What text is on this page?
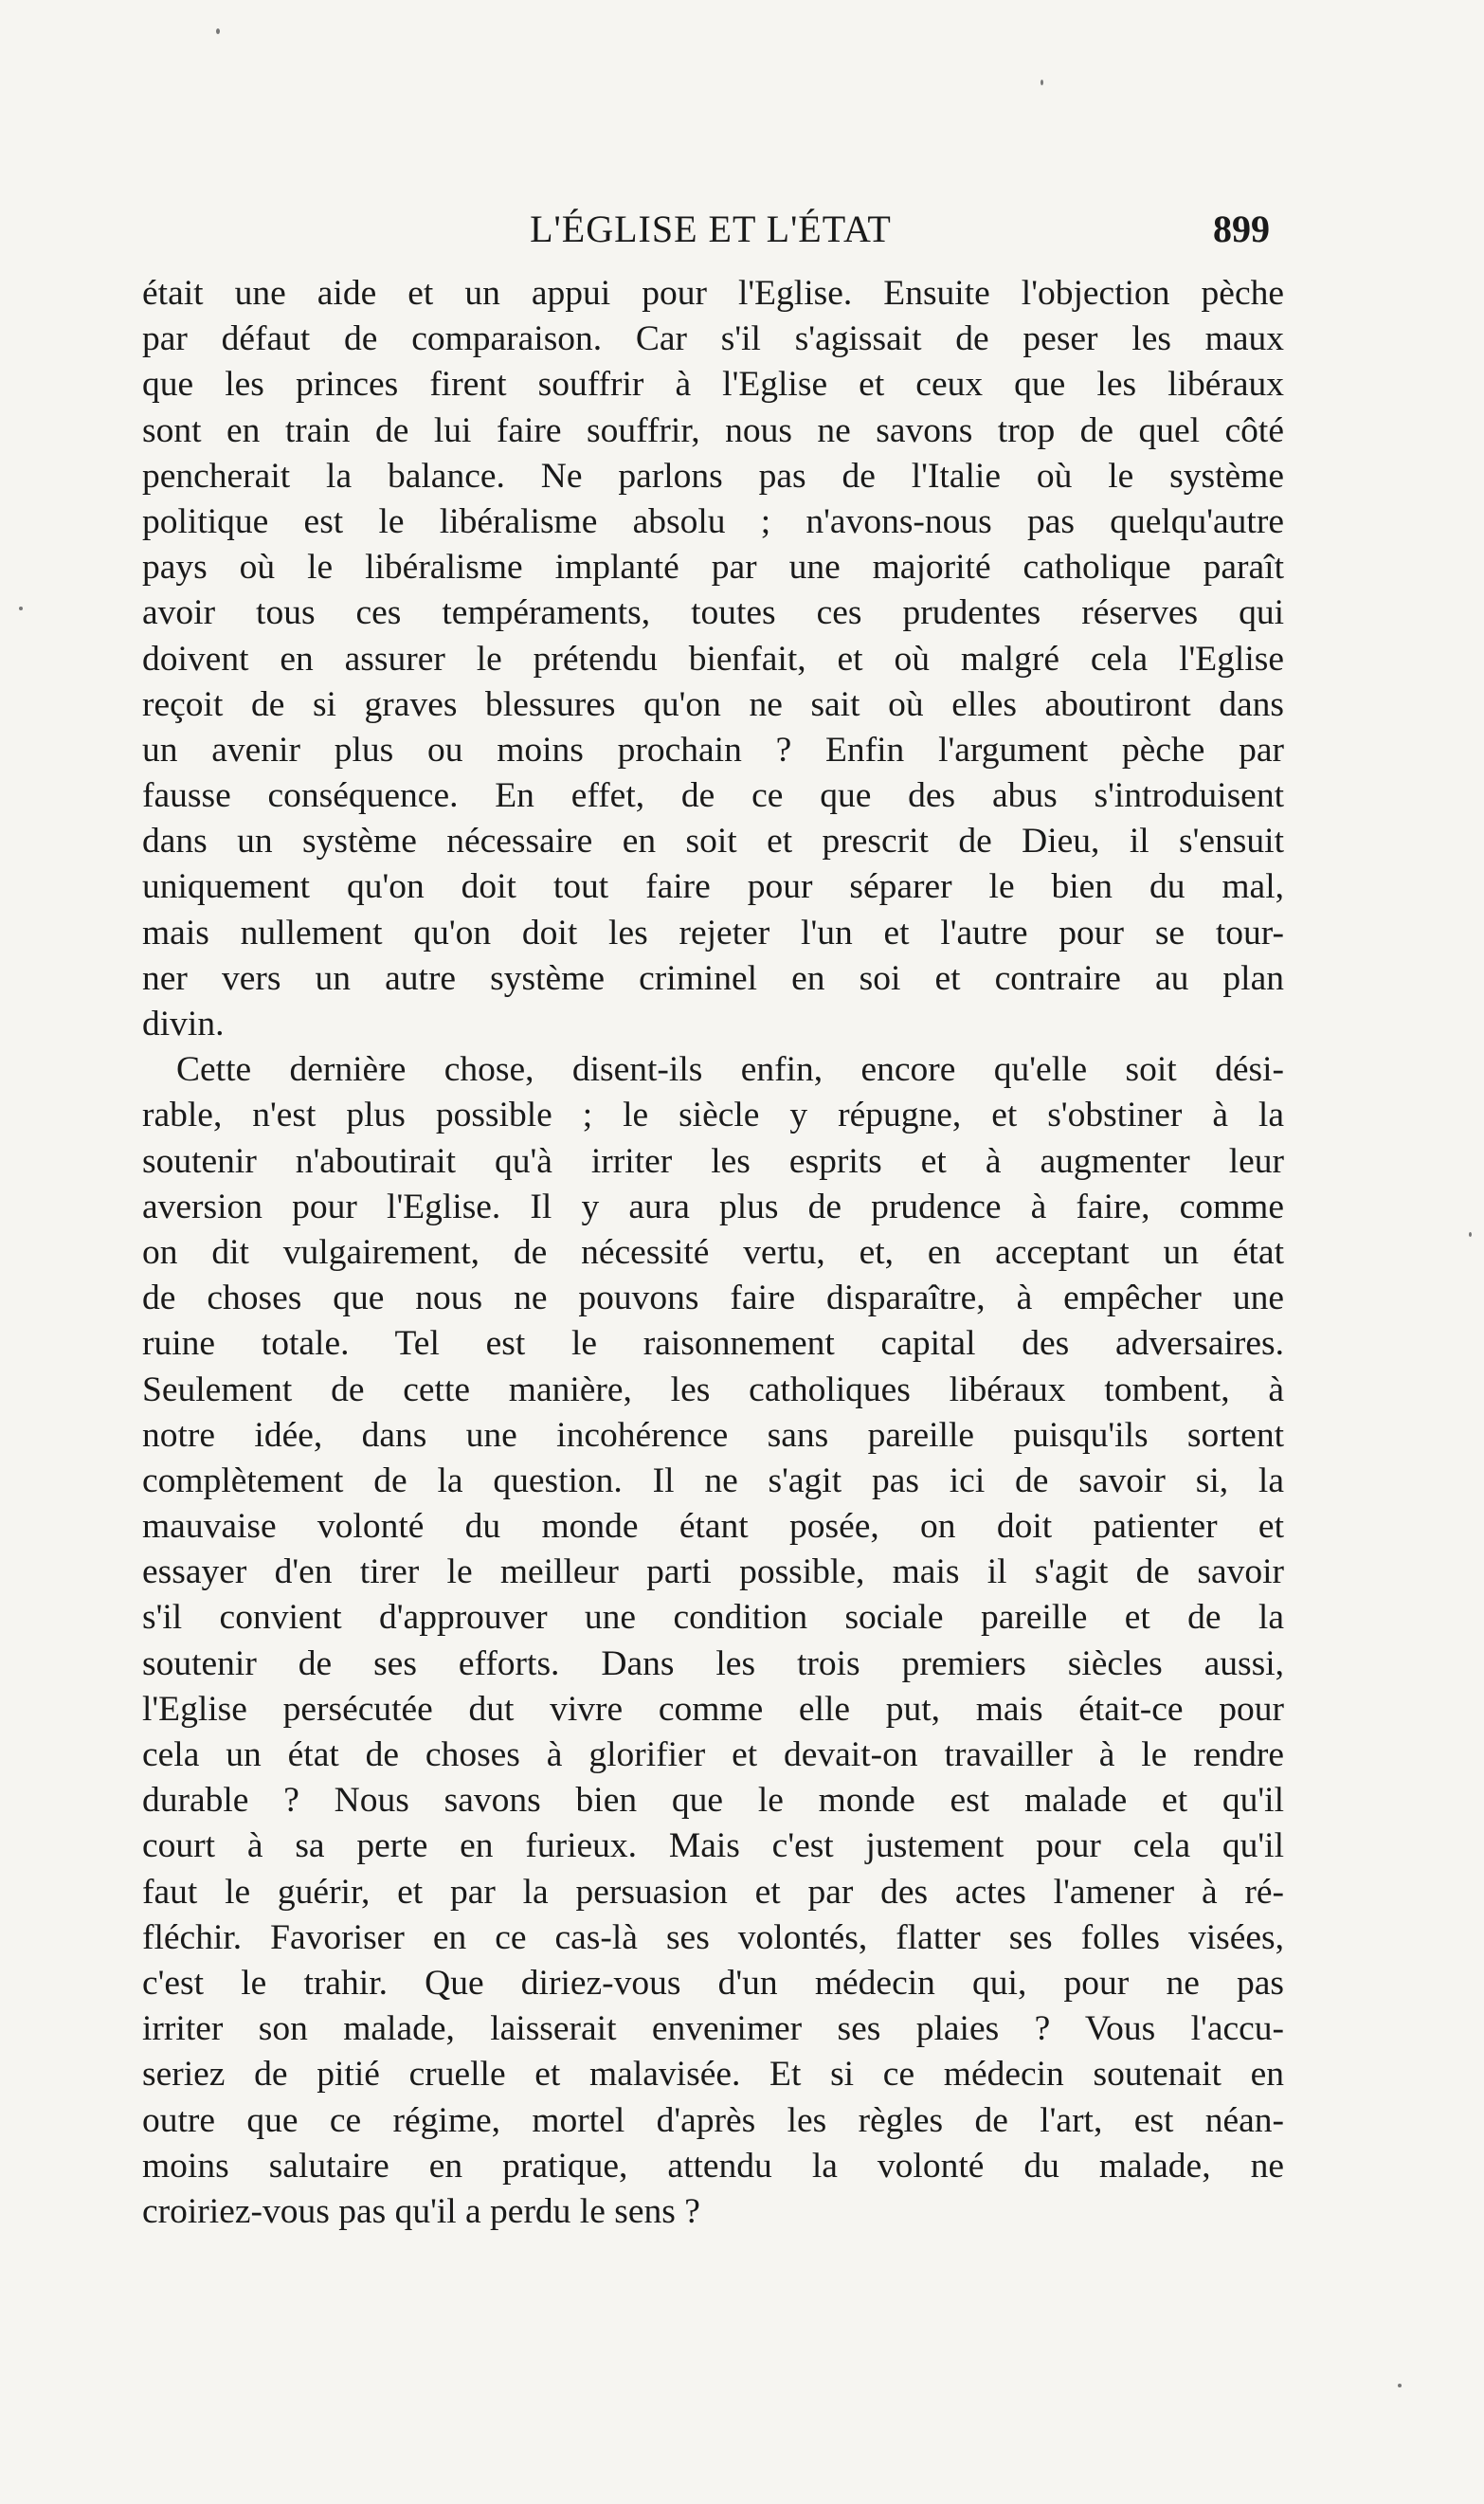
L'ÉGLISE ET L'ÉTAT	899
était une aide et un appui pour l'Eglise. Ensuite l'objection pèche
par défaut de comparaison. Car s'il s'agissait de peser les maux
que les princes firent souffrir à l'Eglise et ceux que les libéraux
sont en train de lui faire souffrir, nous ne savons trop de quel côté
pencherait la balance. Ne parlons pas de l'Italie où le système
politique est le libéralisme absolu ; n'avons-nous pas quelqu'autre
pays où le libéralisme implanté par une majorité catholique paraît
avoir tous ces tempéraments, toutes ces prudentes réserves qui
doivent en assurer le prétendu bienfait, et où malgré cela l'Eglise
reçoit de si graves blessures qu'on ne sait où elles aboutiront dans
un avenir plus ou moins prochain ? Enfin l'argument pèche par
fausse conséquence. En effet, de ce que des abus s'introduisent
dans un système nécessaire en soit et prescrit de Dieu, il s'ensuit
uniquement qu'on doit tout faire pour séparer le bien du mal,
mais nullement qu'on doit les rejeter l'un et l'autre pour se tour-
ner vers un autre système criminel en soi et contraire au plan
divin.
Cette dernière chose, disent-ils enfin, encore qu'elle soit dési-
rable, n'est plus possible ; le siècle y répugne, et s'obstiner à la
soutenir n'aboutirait qu'à irriter les esprits et à augmenter leur
aversion pour l'Eglise. Il y aura plus de prudence à faire, comme
on dit vulgairement, de nécessité vertu, et, en acceptant un état
de choses que nous ne pouvons faire disparaître, à empêcher une
ruine totale. Tel est le raisonnement capital des adversaires.
Seulement de cette manière, les catholiques libéraux tombent, à
notre idée, dans une incohérence sans pareille puisqu'ils sortent
complètement de la question. Il ne s'agit pas ici de savoir si, la
mauvaise volonté du monde étant posée, on doit patienter et
essayer d'en tirer le meilleur parti possible, mais il s'agit de savoir
s'il convient d'approuver une condition sociale pareille et de la
soutenir de ses efforts. Dans les trois premiers siècles aussi,
l'Eglise persécutée dut vivre comme elle put, mais était-ce pour
cela un état de choses à glorifier et devait-on travailler à le rendre
durable ? Nous savons bien que le monde est malade et qu'il
court à sa perte en furieux. Mais c'est justement pour cela qu'il
faut le guérir, et par la persuasion et par des actes l'amener à ré-
fléchir. Favoriser en ce cas-là ses volontés, flatter ses folles visées,
c'est le trahir. Que diriez-vous d'un médecin qui, pour ne pas
irriter son malade, laisserait envenimer ses plaies ? Vous l'accu-
seriez de pitié cruelle et malavisée. Et si ce médecin soutenait en
outre que ce régime, mortel d'après les règles de l'art, est néan-
moins salutaire en pratique, attendu la volonté du malade, ne
croiriez-vous pas qu'il a perdu le sens ?
